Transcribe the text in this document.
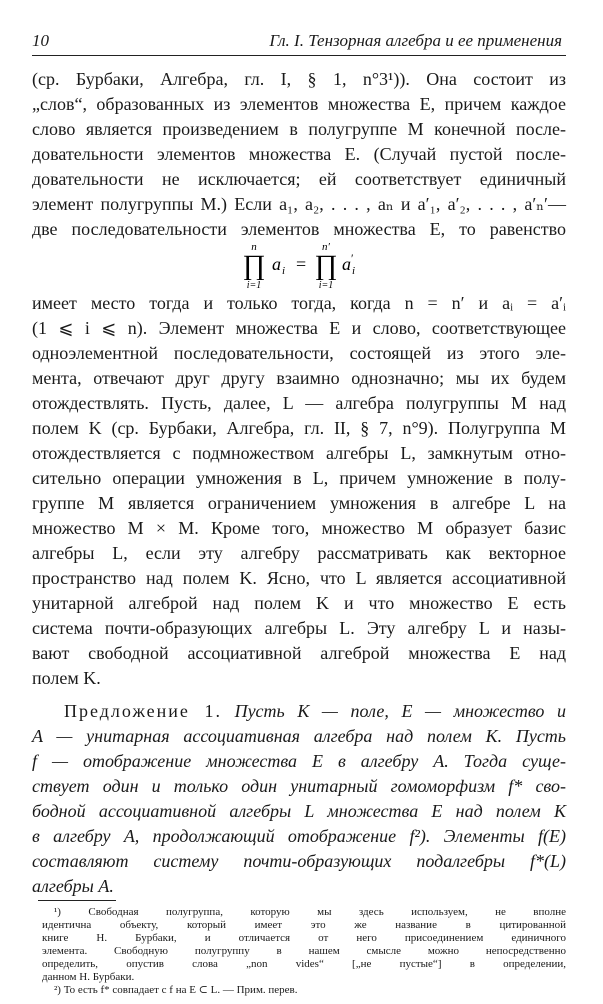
10	Гл. I. Тензорная алгебра и ее применения
(ср. Бурбаки, Алгебра, гл. I, § 1, n°3¹)). Она состоит из
„слов“, образованных из элементов множества E, причем каждое
слово является произведением в полугруппе M конечной после-
довательности элементов множества E. (Случай пустой после-
довательности не исключается; ей соответствует единичный
элемент полугруппы M.) Если a₁, a₂, . . . , aₙ и a′₁, a′₂, . . . , a′ₙ′—
n
∏
i=1
a i =
n′
∏
i=1
a ′
i
имеет место тогда и только тогда, когда n = n′ и aᵢ = a′ᵢ
(1 ⩽ i ⩽ n). Элемент множества E и слово, соответствующее
одноэлементной последовательности, состоящей из этого эле-
мента, отвечают друг другу взаимно однозначно; мы их будем
отождествлять. Пусть, далее, L — алгебра полугруппы M над
полем K (ср. Бурбаки, Алгебра, гл. II, § 7, n°9). Полугруппа M
отождествляется с подмножеством алгебры L, замкнутым отно-
сительно операции умножения в L, причем умножение в полу-
группе M является ограничением умножения в алгебре L на
множество M × M. Кроме того, множество M образует базис
алгебры L, если эту алгебру рассматривать как векторное
пространство над полем K. Ясно, что L является ассоциативной
унитарной алгеброй над полем K и что множество E есть
система почти-образующих алгебры L. Эту алгебру L и назы-
вают свободной ассоциативной алгеброй множества E над
полем K.
Предложение 1. Пусть K — поле, E — множество и
A — унитарная ассоциативная алгебра над полем K. Пусть
f — отображение множества E в алгебру A. Тогда суще-
ствует один и только один унитарный гомоморфизм f* сво-
¹) Свободная полугруппа, которую мы здесь используем, не вполне
идентична объекту, который имеет это же название в цитированной
книге Н. Бурбаки, и отличается от него присоединением единичного
элемента. Свободную полугруппу в нашем смысле можно непосредственно
определить, опустив слова „non vides“ [„не пустые“] в определении,
данном Н. Бурбаки.
²) То есть f* совпадает с f на E ⊂ L. — Прим. перев.
две последовательности элементов множества E, то равенство
бодной ассоциативной алгебры L множества E над полем K
в алгебру A, продолжающий отображение f²). Элементы f(E)
составляют систему почти-образующих подалгебры f*(L)
алгебры A.
